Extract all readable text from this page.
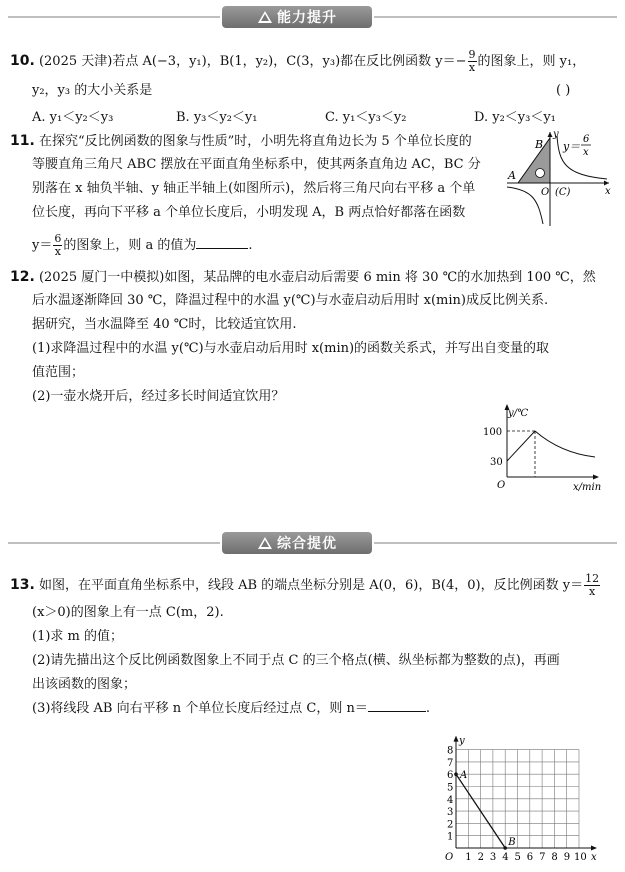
能力提升
10. (2025 天津)若点 A(−3，y₁)，B(1，y₂)，C(3，y₃)都在反比例函数 $y=- \frac{9}{x}$ 的图象上，则 y₁，
y₂，y₃ 的大小关系是	( )
A. y₁＜y₂＜y₃	B. y₃＜y₂＜y₁	C. y₁＜y₃＜y₂	D. y₂＜y₃＜y₁
11. 在探究“反比例函数的图象与性质”时，小明先将直角边长为 5 个单位长度的
等腰直角三角尺 ABC 摆放在平面直角坐标系中，使其两条直角边 AC，BC 分
别落在 x 轴负半轴、y 轴正半轴上(如图所示)，然后将三角尺向右平移 a 个单
位长度，再向下平移 a 个单位长度后，小明发现 A，B 两点恰好都落在函数
$y= \frac{6}{x}$ 的图象上，则 a 的值为	.
y
x
y＝
6
x
B
A
O (C)
12. (2025 厦门一中模拟)如图，某品牌的电水壶启动后需要 6 min 将 30 ℃的水加热到 100 ℃，然
后水温逐渐降回 30 ℃，降温过程中的水温 y(℃)与水壶启动后用时 x(min)成反比例关系.
据研究，当水温降至 40 ℃时，比较适宜饮用.
(1)求降温过程中的水温 y(℃)与水壶启动后用时 x(min)的函数关系式，并写出自变量的取
值范围；
(2)一壶水烧开后，经过多长时间适宜饮用？
y/℃
x/min
100
30
O
综合提优
13. 如图，在平面直角坐标系中，线段 AB 的端点坐标分别是 A(0，6)，B(4，0)，反比例函数 $y= \frac{12}{x}$
(x＞0)的图象上有一点 C(m，2).
(1)求 m 的值；
(2)请先描出这个反比例函数图象上不同于点 C 的三个格点(横、纵坐标都为整数的点)，再画
出该函数的图象；
(3)将线段 AB 向右平移 n 个单位长度后经过点 C，则 n＝	.
1 2 3 4 5 6 7 8 9 10
1
2
3
4
5
6
7
8
O	x
y
A
B
